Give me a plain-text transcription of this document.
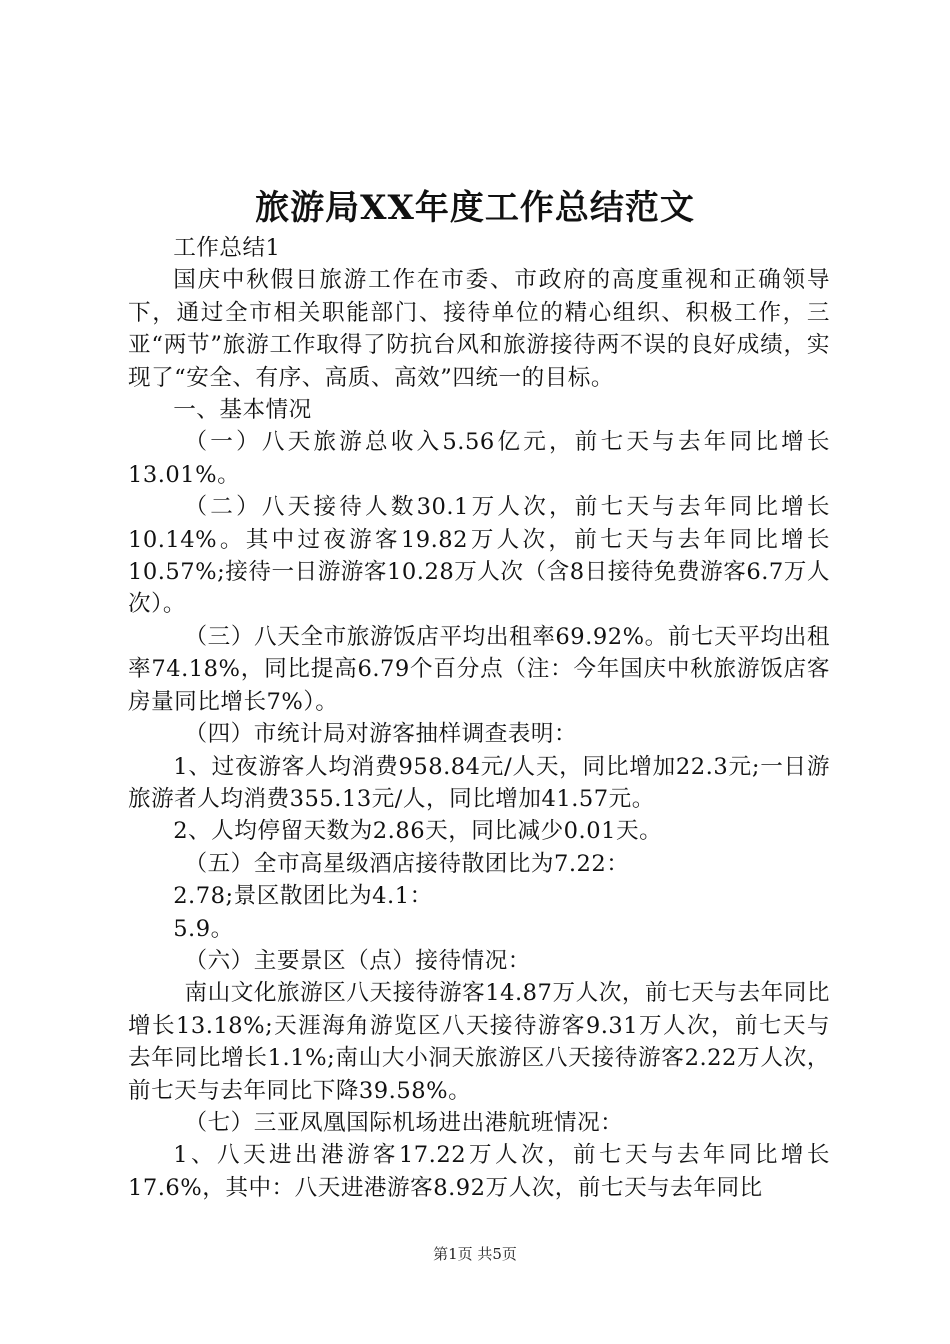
旅游局XX年度工作总结范文

工作总结1

国庆中秋假日旅游工作在市委、市政府的高度重视和正确领导下，通过全市相关职能部门、接待单位的精心组织、积极工作，三亚“两节”旅游工作取得了防抗台风和旅游接待两不误的良好成绩，实现了“安全、有序、高质、高效”四统一的目标。

一、基本情况

（一）八天旅游总收入5.56亿元，前七天与去年同比增长13.01%。

（二）八天接待人数30.1万人次，前七天与去年同比增长10.14%。其中过夜游客19.82万人次，前七天与去年同比增长10.57%;接待一日游游客10.28万人次（含8日接待免费游客6.7万人次）。

（三）八天全市旅游饭店平均出租率69.92%。前七天平均出租率74.18%，同比提高6.79个百分点（注：今年国庆中秋旅游饭店客房量同比增长7%）。

（四）市统计局对游客抽样调查表明：

1、过夜游客人均消费958.84元/人天，同比增加22.3元;一日游旅游者人均消费355.13元/人，同比增加41.57元。

2、人均停留天数为2.86天，同比减少0.01天。

（五）全市高星级酒店接待散团比为7.22：

2.78;景区散团比为4.1：

5.9。

（六）主要景区（点）接待情况：

南山文化旅游区八天接待游客14.87万人次，前七天与去年同比增长13.18%;天涯海角游览区八天接待游客9.31万人次，前七天与去年同比增长1.1%;南山大小洞天旅游区八天接待游客2.22万人次，前七天与去年同比下降39.58%。

（七）三亚凤凰国际机场进出港航班情况：

1、八天进出港游客17.22万人次，前七天与去年同比增长17.6%，其中：八天进港游客8.92万人次，前七天与去年同比

第1页 共5页
